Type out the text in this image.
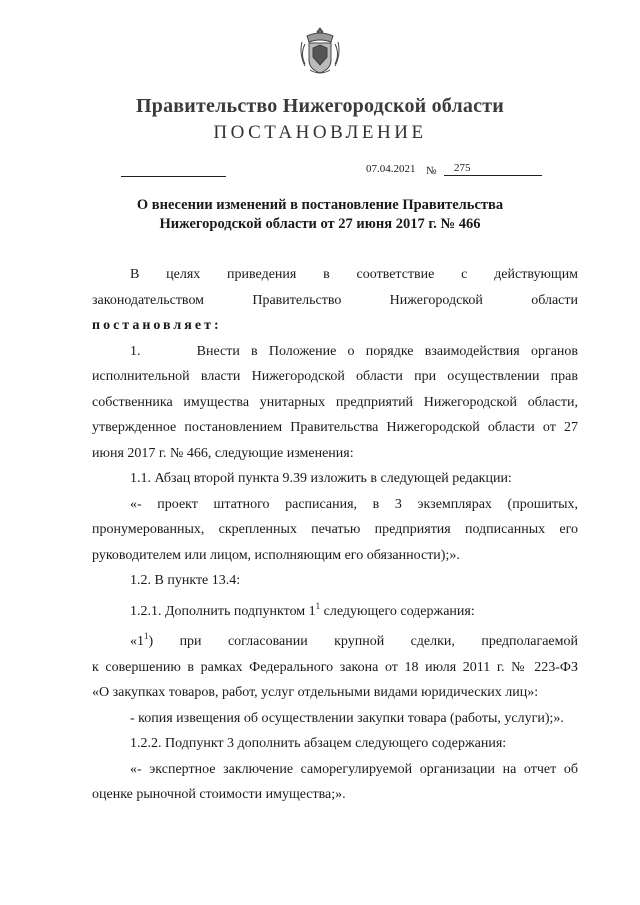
Правительство Нижегородской области
ПОСТАНОВЛЕНИЕ
07.04.2021 №	275
О внесении изменений в постановление Правительства
Нижегородской области от 27 июня 2017 г. № 466

В целях приведения в соответствие с действующим

законодательством	Правительство	Нижегородской	области

постановляет:

1.	Внести в Положение о порядке взаимодействия органов исполнительной власти Нижегородской области при осуществлении прав собственника имущества унитарных предприятий Нижегородской области, утвержденное постановлением Правительства Нижегородской области от 27 июня 2017 г. № 466, следующие изменения:

1.1. Абзац второй пункта 9.39 изложить в следующей редакции:

«- проект штатного расписания, в 3 экземплярах (прошитых, пронумерованных, скрепленных печатью предприятия подписанных его руководителем или лицом, исполняющим его обязанности);».

1.2. В пункте 13.4:

1.2.1. Дополнить подпунктом $1^1$ следующего содержания:

«$1^1$) при согласовании крупной сделки, предполагаемой

к совершению в рамках Федерального закона от 18 июля 2011 г. № 223-ФЗ

«О закупках товаров, работ, услуг отдельными видами юридических лиц»:

- копия извещения об осуществлении закупки товара (работы, услуги);».

1.2.2. Подпункт 3 дополнить абзацем следующего содержания:

«- экспертное заключение саморегулируемой организации на отчет об оценке рыночной стоимости имущества;».
